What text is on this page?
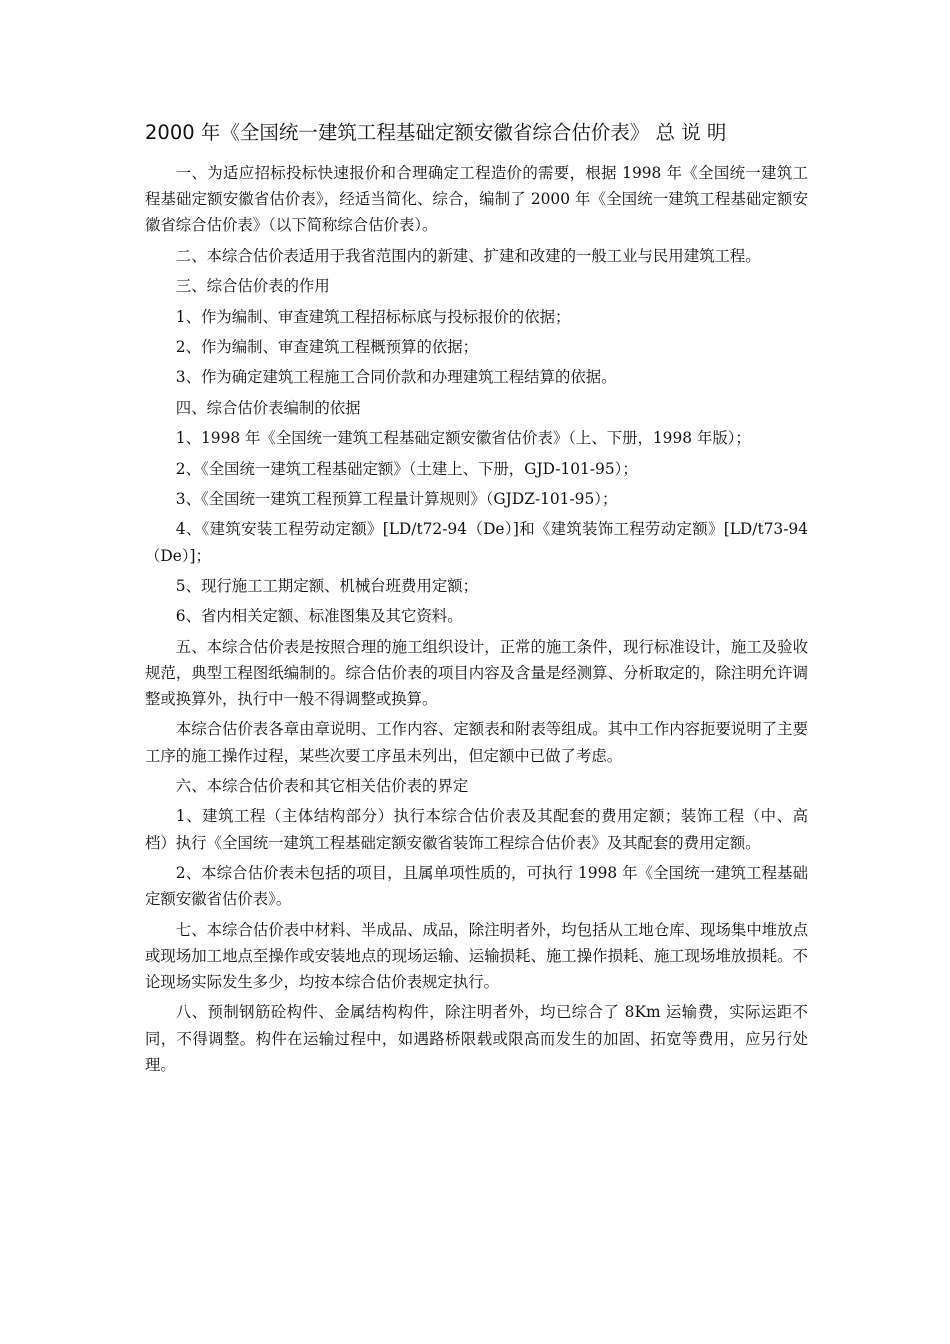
2000 年《全国统一建筑工程基础定额安徽省综合估价表》 总 说 明

一、为适应招标投标快速报价和合理确定工程造价的需要，根据 1998 年《全国统一建筑工程基础定额安徽省估价表》，经适当简化、综合，编制了 2000 年《全国统一建筑工程基础定额安徽省综合估价表》（以下简称综合估价表）。

二、本综合估价表适用于我省范围内的新建、扩建和改建的一般工业与民用建筑工程。

三、综合估价表的作用

1、作为编制、审查建筑工程招标标底与投标报价的依据；

2、作为编制、审查建筑工程概预算的依据；

3、作为确定建筑工程施工合同价款和办理建筑工程结算的依据。

四、综合估价表编制的依据

1、1998 年《全国统一建筑工程基础定额安徽省估价表》（上、下册，1998 年版）；

2、《全国统一建筑工程基础定额》（土建上、下册，GJD-101-95）；

3、《全国统一建筑工程预算工程量计算规则》（GJDZ-101-95）；

4、《建筑安装工程劳动定额》[LD/t72-94（De）]和《建筑装饰工程劳动定额》[LD/t73-94（De）]；

5、现行施工工期定额、机械台班费用定额；

6、省内相关定额、标准图集及其它资料。

五、本综合估价表是按照合理的施工组织设计，正常的施工条件，现行标准设计，施工及验收规范，典型工程图纸编制的。综合估价表的项目内容及含量是经测算、分析取定的，除注明允许调整或换算外，执行中一般不得调整或换算。

本综合估价表各章由章说明、工作内容、定额表和附表等组成。其中工作内容扼要说明了主要工序的施工操作过程，某些次要工序虽未列出，但定额中已做了考虑。

六、本综合估价表和其它相关估价表的界定

1、建筑工程（主体结构部分）执行本综合估价表及其配套的费用定额；装饰工程（中、高档）执行《全国统一建筑工程基础定额安徽省装饰工程综合估价表》及其配套的费用定额。

2、本综合估价表未包括的项目，且属单项性质的，可执行 1998 年《全国统一建筑工程基础定额安徽省估价表》。

七、本综合估价表中材料、半成品、成品，除注明者外，均包括从工地仓库、现场集中堆放点或现场加工地点至操作或安装地点的现场运输、运输损耗、施工操作损耗、施工现场堆放损耗。不论现场实际发生多少，均按本综合估价表规定执行。

八、预制钢筋砼构件、金属结构构件，除注明者外，均已综合了 8Km 运输费，实际运距不同，不得调整。构件在运输过程中，如遇路桥限载或限高而发生的加固、拓宽等费用，应另行处理。
